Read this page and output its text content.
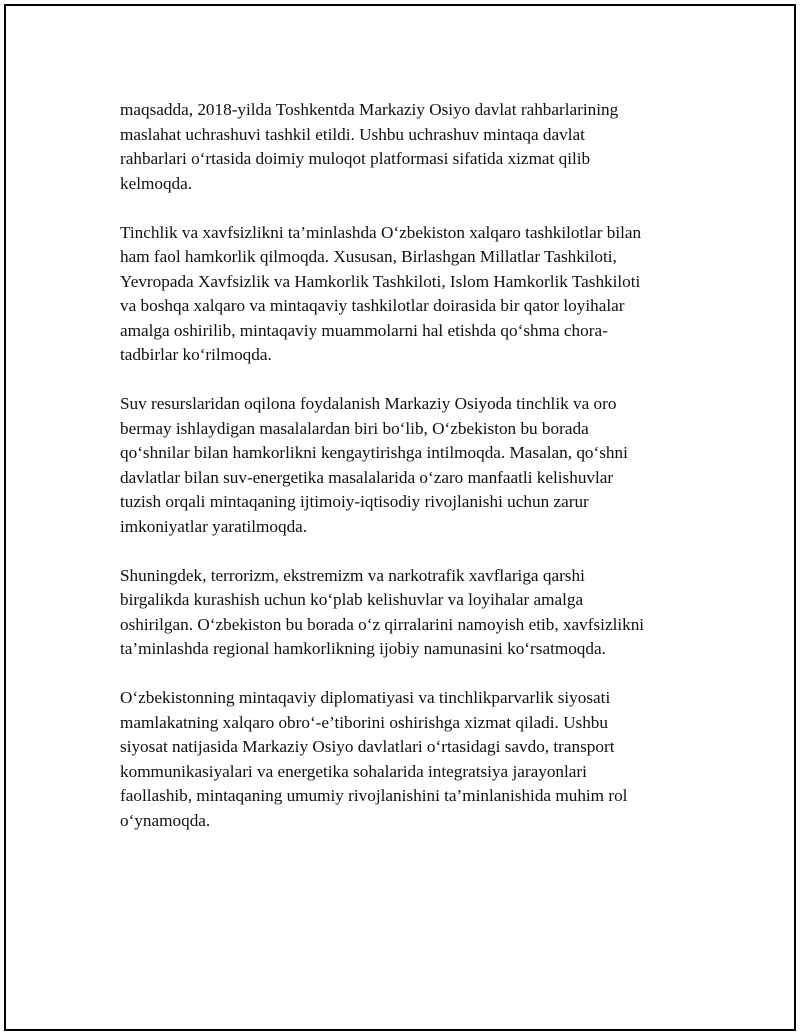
maqsadda, 2018-yilda Toshkentda Markaziy Osiyo davlat rahbarlarining
maslahat uchrashuvi tashkil etildi. Ushbu uchrashuv mintaqa davlat
rahbarlari o‘rtasida doimiy muloqot platformasi sifatida xizmat qilib
kelmoqda.

Tinchlik va xavfsizlikni ta’minlashda O‘zbekiston xalqaro tashkilotlar bilan
ham faol hamkorlik qilmoqda. Xususan, Birlashgan Millatlar Tashkiloti,
Yevropada Xavfsizlik va Hamkorlik Tashkiloti, Islom Hamkorlik Tashkiloti
va boshqa xalqaro va mintaqaviy tashkilotlar doirasida bir qator loyihalar
amalga oshirilib, mintaqaviy muammolarni hal etishda qo‘shma chora-
tadbirlar ko‘rilmoqda.

Suv resurslaridan oqilona foydalanish Markaziy Osiyoda tinchlik va oro
bermay ishlaydigan masalalardan biri bo‘lib, O‘zbekiston bu borada
qo‘shnilar bilan hamkorlikni kengaytirishga intilmoqda. Masalan, qo‘shni
davlatlar bilan suv-energetika masalalarida o‘zaro manfaatli kelishuvlar
tuzish orqali mintaqaning ijtimoiy-iqtisodiy rivojlanishi uchun zarur
imkoniyatlar yaratilmoqda.

Shuningdek, terrorizm, ekstremizm va narkotrafik xavflariga qarshi
birgalikda kurashish uchun ko‘plab kelishuvlar va loyihalar amalga
oshirilgan. O‘zbekiston bu borada o‘z qirralarini namoyish etib, xavfsizlikni
ta’minlashda regional hamkorlikning ijobiy namunasini ko‘rsatmoqda.

O‘zbekistonning mintaqaviy diplomatiyasi va tinchlikparvarlik siyosati
mamlakatning xalqaro obro‘-e’tiborini oshirishga xizmat qiladi. Ushbu
siyosat natijasida Markaziy Osiyo davlatlari o‘rtasidagi savdo, transport
kommunikasiyalari va energetika sohalarida integratsiya jarayonlari
faollashib, mintaqaning umumiy rivojlanishini ta’minlanishida muhim rol
o‘ynamoqda.
